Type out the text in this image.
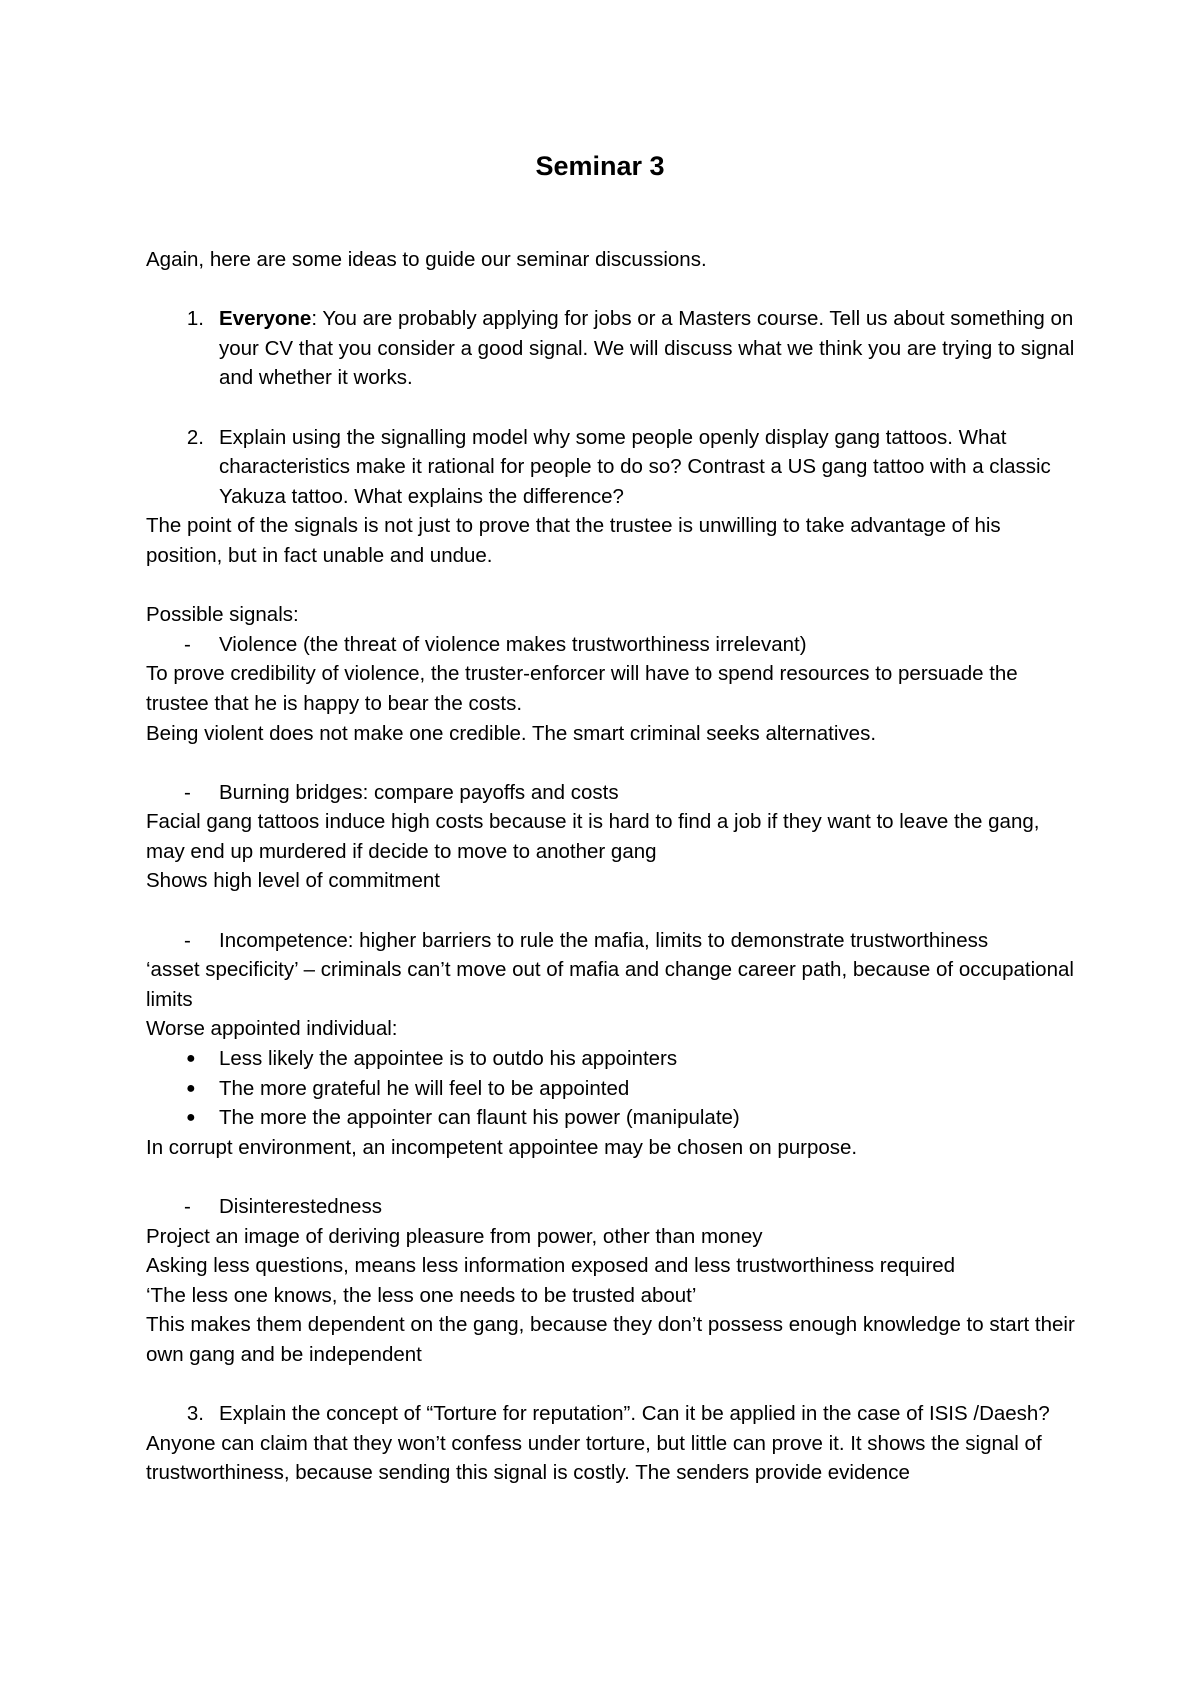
Seminar 3

Again, here are some ideas to guide our seminar discussions.

1. Everyone: You are probably applying for jobs or a Masters course. Tell us about something on your CV that you consider a good signal. We will discuss what we think you are trying to signal and whether it works.
2. Explain using the signalling model why some people openly display gang tattoos. What characteristics make it rational for people to do so? Contrast a US gang tattoo with a classic Yakuza tattoo. What explains the difference?

The point of the signals is not just to prove that the trustee is unwilling to take advantage of his position, but in fact unable and undue.

Possible signals:

-	Violence (the threat of violence makes trustworthiness irrelevant)

To prove credibility of violence, the truster-enforcer will have to spend resources to persuade the trustee that he is happy to bear the costs.

Being violent does not make one credible. The smart criminal seeks alternatives.

-	Burning bridges: compare payoffs and costs

Facial gang tattoos induce high costs because it is hard to find a job if they want to leave the gang, may end up murdered if decide to move to another gang

Shows high level of commitment

-	Incompetence: higher barriers to rule the mafia, limits to demonstrate trustworthiness

‘asset specificity’ – criminals can’t move out of mafia and change career path, because of occupational limits

Worse appointed individual:

●	Less likely the appointee is to outdo his appointers
●	The more grateful he will feel to be appointed
●	The more the appointer can flaunt his power (manipulate)

In corrupt environment, an incompetent appointee may be chosen on purpose.

-	Disinterestedness

Project an image of deriving pleasure from power, other than money

Asking less questions, means less information exposed and less trustworthiness required

‘The less one knows, the less one needs to be trusted about’

This makes them dependent on the gang, because they don’t possess enough knowledge to start their own gang and be independent

3. Explain the concept of “Torture for reputation”. Can it be applied in the case of ISIS /Daesh?

Anyone can claim that they won’t confess under torture, but little can prove it. It shows the signal of trustworthiness, because sending this signal is costly. The senders provide evidence
